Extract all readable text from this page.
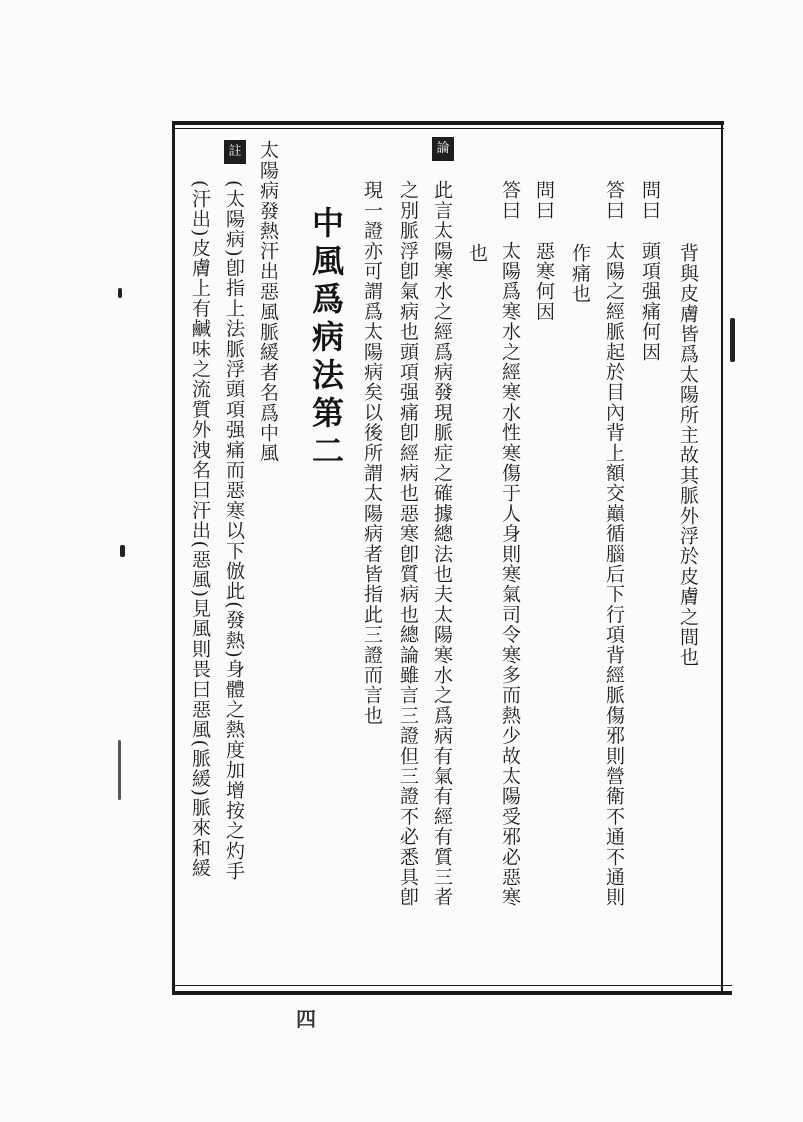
背與皮膚皆爲太陽所主故其脈外浮於皮膚之間也
問曰　頭項强痛何因
答曰　太陽之經脈起於目內背上額交巔循腦后下行項背經脈傷邪則營衛不通不通則
作痛也
問曰　惡寒何因
答曰　太陽爲寒水之經寒水性寒傷于人身則寒氣司令寒多而熱少故太陽受邪必惡寒
也
論
此言太陽寒水之經爲病發現脈症之確據總法也夫太陽寒水之爲病有氣有經有質三者
之別脈浮卽氣病也頭項强痛卽經病也惡寒卽質病也總論雖言三證但三證不必悉具卽
現一證亦可謂爲太陽病矣以後所謂太陽病者皆指此三證而言也
中風爲病法第二
太陽病發熱汗出惡風脈緩者名爲中風
註
(太陽病)卽指上法脈浮頭項强痛而惡寒以下倣此(發熱)身體之熱度加增按之灼手
(汗出)皮膚上有鹹味之流質外洩名曰汗出(惡風)見風則畏曰惡風(脈緩)脈來和緩
四
